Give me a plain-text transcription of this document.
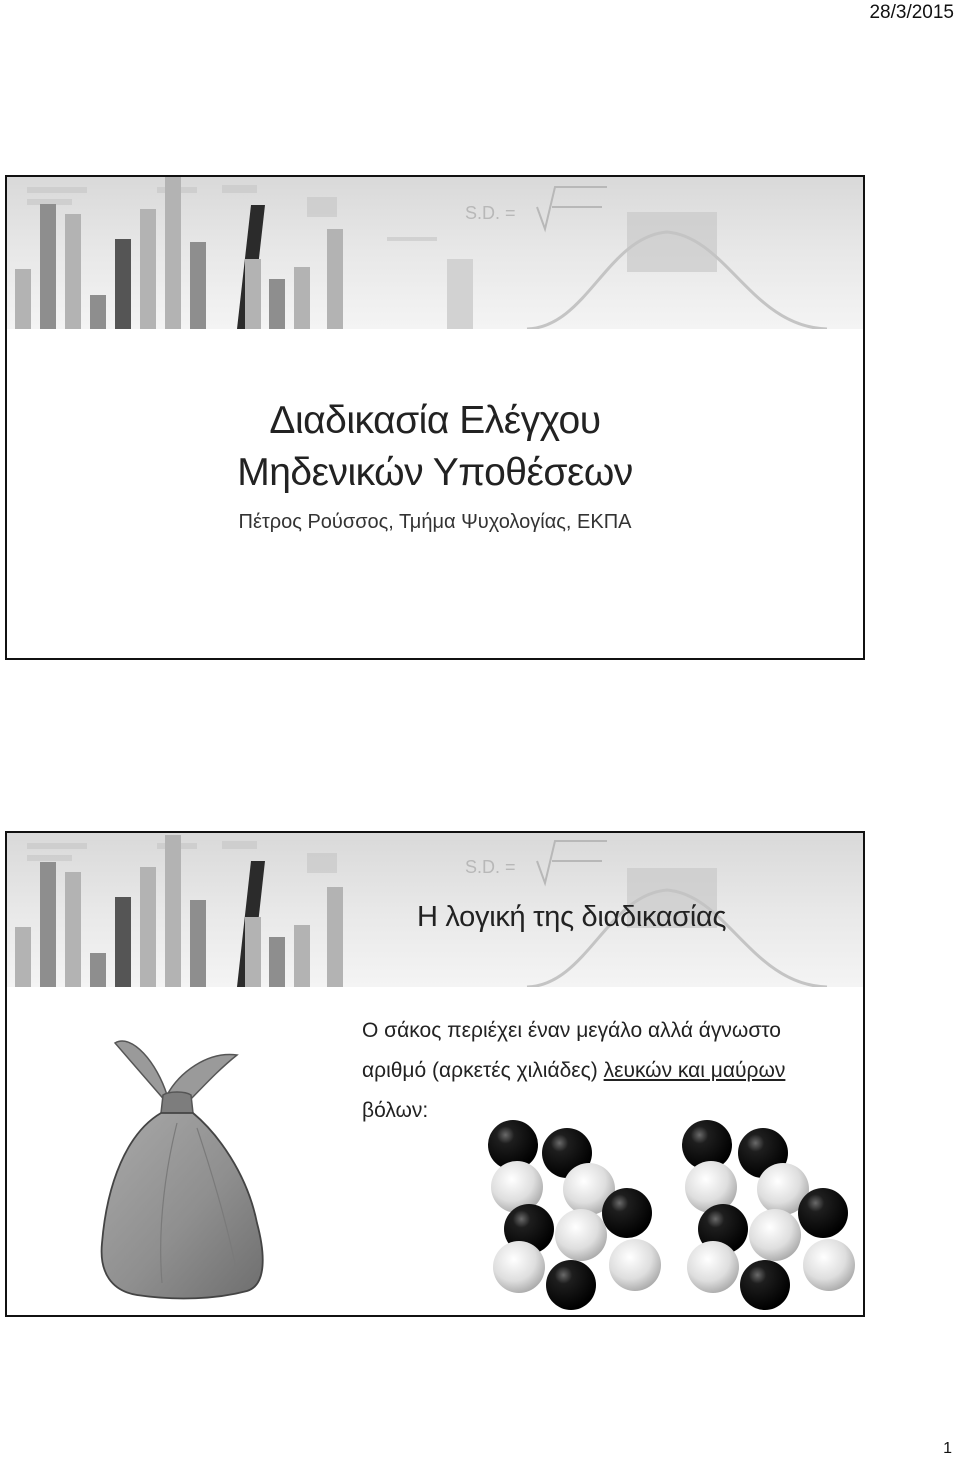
28/3/2015
S.D. =
Διαδικασία Ελέγχου
Μηδενικών Υποθέσεων
Πέτρος Ρούσσος, Τμήμα Ψυχολογίας, ΕΚΠΑ
S.D. =
Η λογική της διαδικασίας
Ο σάκος περιέχει έναν μεγάλο αλλά άγνωστο
αριθμό (αρκετές χιλιάδες) λευκών και μαύρων
βόλων:
1
